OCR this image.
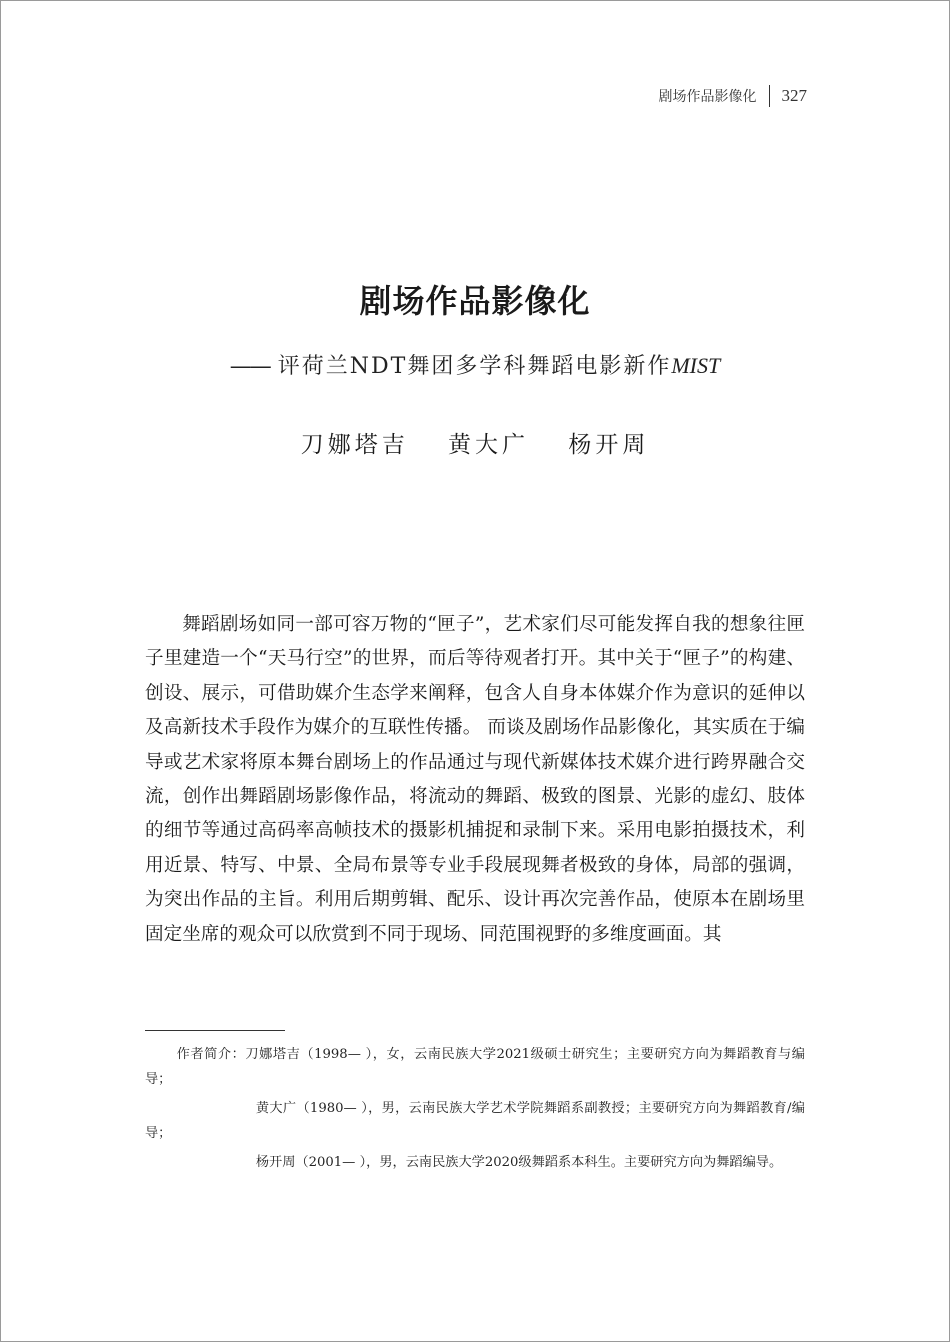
剧场作品影像化 327
剧场作品影像化
—— 评荷兰NDT舞团多学科舞蹈电影新作MIST
刀娜塔吉 黄大广 杨开周

舞蹈剧场如同一部可容万物的“匣子”，艺术家们尽可能发挥自我的想象往匣子里建造一个“天马行空”的世界，而后等待观者打开。其中关于“匣子”的构建、创设、展示，可借助媒介生态学来阐释，包含人自身本体媒介作为意识的延伸以及高新技术手段作为媒介的互联性传播。 而谈及剧场作品影像化，其实质在于编导或艺术家将原本舞台剧场上的作品通过与现代新媒体技术媒介进行跨界融合交流，创作出舞蹈剧场影像作品，将流动的舞蹈、极致的图景、光影的虚幻、肢体的细节等通过高码率高帧技术的摄影机捕捉和录制下来。采用电影拍摄技术，利用近景、特写、中景、全局布景等专业手段展现舞者极致的身体，局部的强调，为突出作品的主旨。利用后期剪辑、配乐、设计再次完善作品，使原本在剧场里固定坐席的观众可以欣赏到不同于现场、同范围视野的多维度画面。其

作者简介：刀娜塔吉（1998— ），女，云南民族大学2021级硕士研究生；主要研究方向为舞蹈教育与编导；

黄大广（1980— ），男，云南民族大学艺术学院舞蹈系副教授；主要研究方向为舞蹈教育/编导；

杨开周（2001— ），男，云南民族大学2020级舞蹈系本科生。主要研究方向为舞蹈编导。
